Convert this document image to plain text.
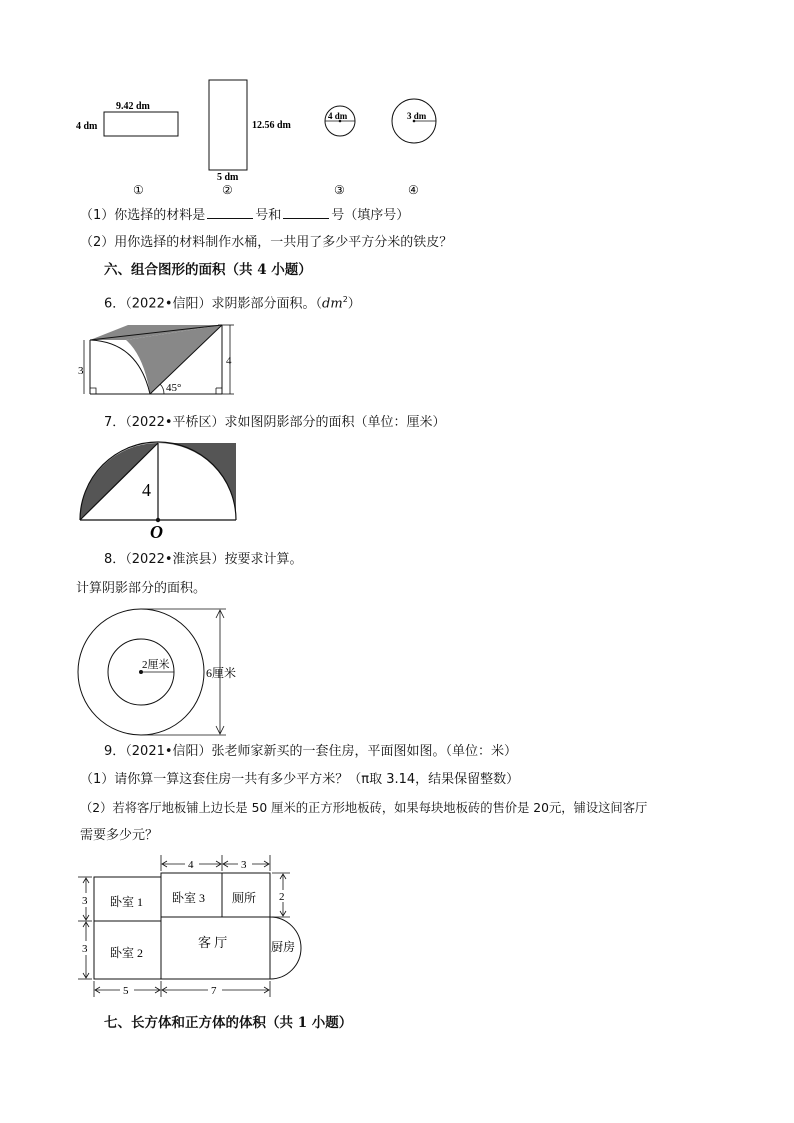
9.42 dm
4 dm	12.56 dm
5 dm
4 dm	3 dm
①	②	③	④
（1）你选择的材料是	号和	号（填序号）
（2）用你选择的材料制作水桶，一共用了多少平方分米的铁皮？
六、组合图形的面积（共 4 小题）
6．（2022•信阳）求阴影部分面积。$(dm^2)$
3
4
45°
7．（2022•平桥区）求如图阴影部分的面积（单位：厘米）
4
O
8．（2022•淮滨县）按要求计算。
计算阴影部分的面积。
2厘米
6厘米
9．（2021•信阳）张老师家新买的一套住房，平面图如图。（单位：米）
（1）请你算一算这套住房一共有多少平方米？（π取 3.14，结果保留整数）
（2）若将客厅地板铺上边长是 50 厘米的正方形地板砖，如果每块地板砖的售价是 20元，铺设这间客厅
需要多少元？
卧室 1 卧室 3 厕所
卧室 2
客 厅	厨房
4	3
3
3
2
5	7
七、长方体和正方体的体积（共 1 小题）
